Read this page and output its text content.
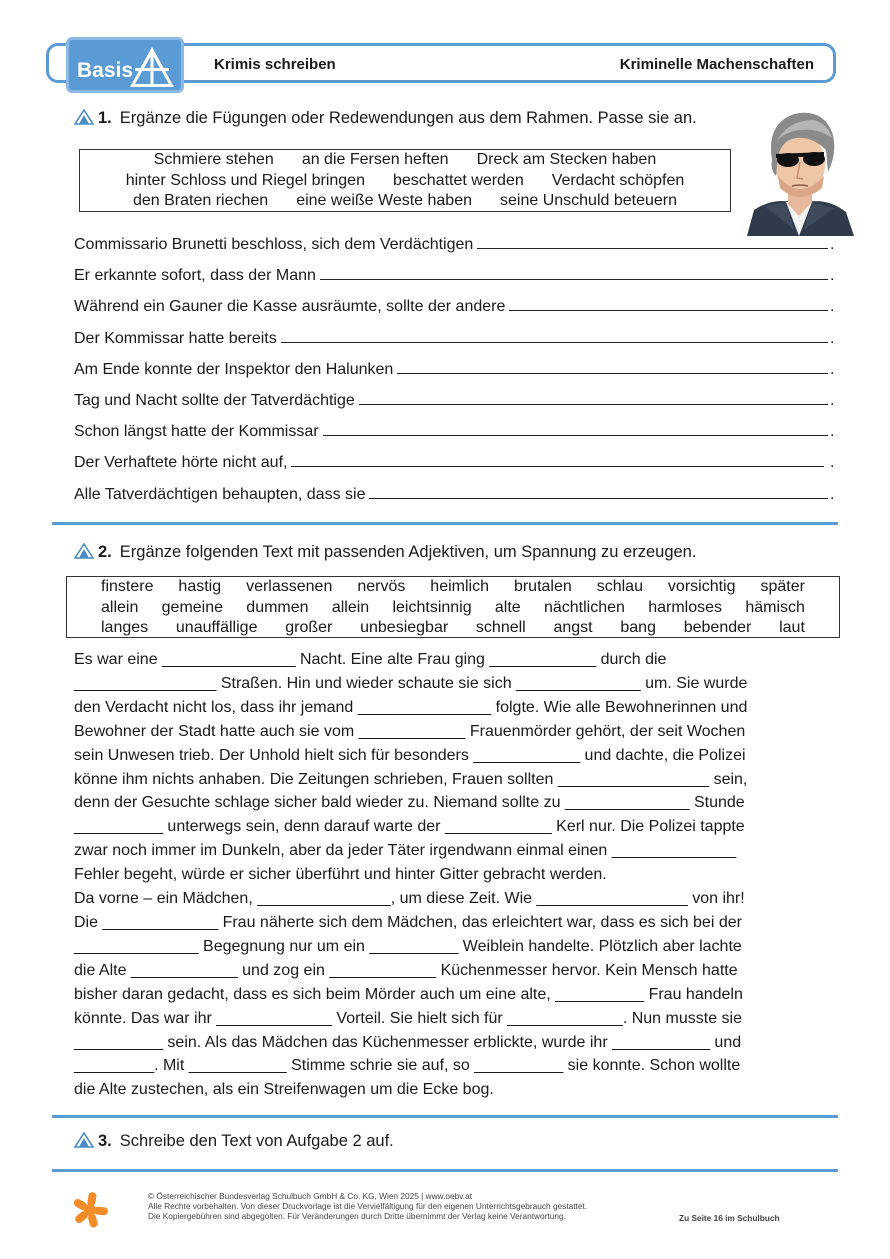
Basis	Krimis schreiben	Kriminelle Machenschaften
1. Ergänze die Fügungen oder Redewendungen aus dem Rahmen. Passe sie an.
Schmiere stehen an die Fersen heften Dreck am Stecken haben
hinter Schloss und Riegel bringen beschattet werden Verdacht schöpfen
den Braten riechen eine weiße Weste haben seine Unschuld beteuern
Commissario Brunetti beschloss, sich dem Verdächtigen	.
Er erkannte sofort, dass der Mann	.
Während ein Gauner die Kasse ausräumte, sollte der andere	.
Der Kommissar hatte bereits	.
Am Ende konnte der Inspektor den Halunken	.
Tag und Nacht sollte der Tatverdächtige	.
Schon längst hatte der Kommissar	.
Der Verhaftete hörte nicht auf,	.
Alle Tatverdächtigen behaupten, dass sie	.
2. Ergänze folgenden Text mit passenden Adjektiven, um Spannung zu erzeugen.
finstere hastig verlassenen nervös heimlich brutalen schlau vorsichtig später
allein gemeine dummen allein leichtsinnig alte nächtlichen harmloses hämisch
langes unauffällige großer unbesiegbar schnell angst bang bebender laut
Es war eine _______________ Nacht. Eine alte Frau ging ____________ durch die
________________ Straßen. Hin und wieder schaute sie sich ______________ um. Sie wurde
den Verdacht nicht los, dass ihr jemand _______________ folgte. Wie alle Bewohnerinnen und
Bewohner der Stadt hatte auch sie vom ____________ Frauenmörder gehört, der seit Wochen
sein Unwesen trieb. Der Unhold hielt sich für besonders ____________ und dachte, die Polizei
könne ihm nichts anhaben. Die Zeitungen schrieben, Frauen sollten _________________ sein,
denn der Gesuchte schlage sicher bald wieder zu. Niemand sollte zu ______________ Stunde
__________ unterwegs sein, denn darauf warte der ____________ Kerl nur. Die Polizei tappte
zwar noch immer im Dunkeln, aber da jeder Täter irgendwann einmal einen ______________
Fehler begeht, würde er sicher überführt und hinter Gitter gebracht werden.
Da vorne – ein Mädchen, _______________, um diese Zeit. Wie _________________ von ihr!
Die _____________ Frau näherte sich dem Mädchen, das erleichtert war, dass es sich bei der
______________ Begegnung nur um ein __________ Weiblein handelte. Plötzlich aber lachte
die Alte ____________ und zog ein ____________ Küchenmesser hervor. Kein Mensch hatte
bisher daran gedacht, dass es sich beim Mörder auch um eine alte, __________ Frau handeln
könnte. Das war ihr _____________ Vorteil. Sie hielt sich für _____________. Nun musste sie
__________ sein. Als das Mädchen das Küchenmesser erblickte, wurde ihr ___________ und
_________. Mit ___________ Stimme schrie sie auf, so __________ sie konnte. Schon wollte
die Alte zustechen, als ein Streifenwagen um die Ecke bog.
3. Schreibe den Text von Aufgabe 2 auf.
© Österreichischer Bundesverlag Schulbuch GmbH & Co. KG, Wien 2025 | www.oebv.at
Alle Rechte vorbehalten. Von dieser Druckvorlage ist die Vervielfältigung für den eigenen Unterrichtsgebrauch gestattet.
Die Kopiergebühren sind abgegolten. Für Veränderungen durch Dritte übernimmt der Verlag keine Verantwortung.	Zu Seite 16 im Schulbuch
